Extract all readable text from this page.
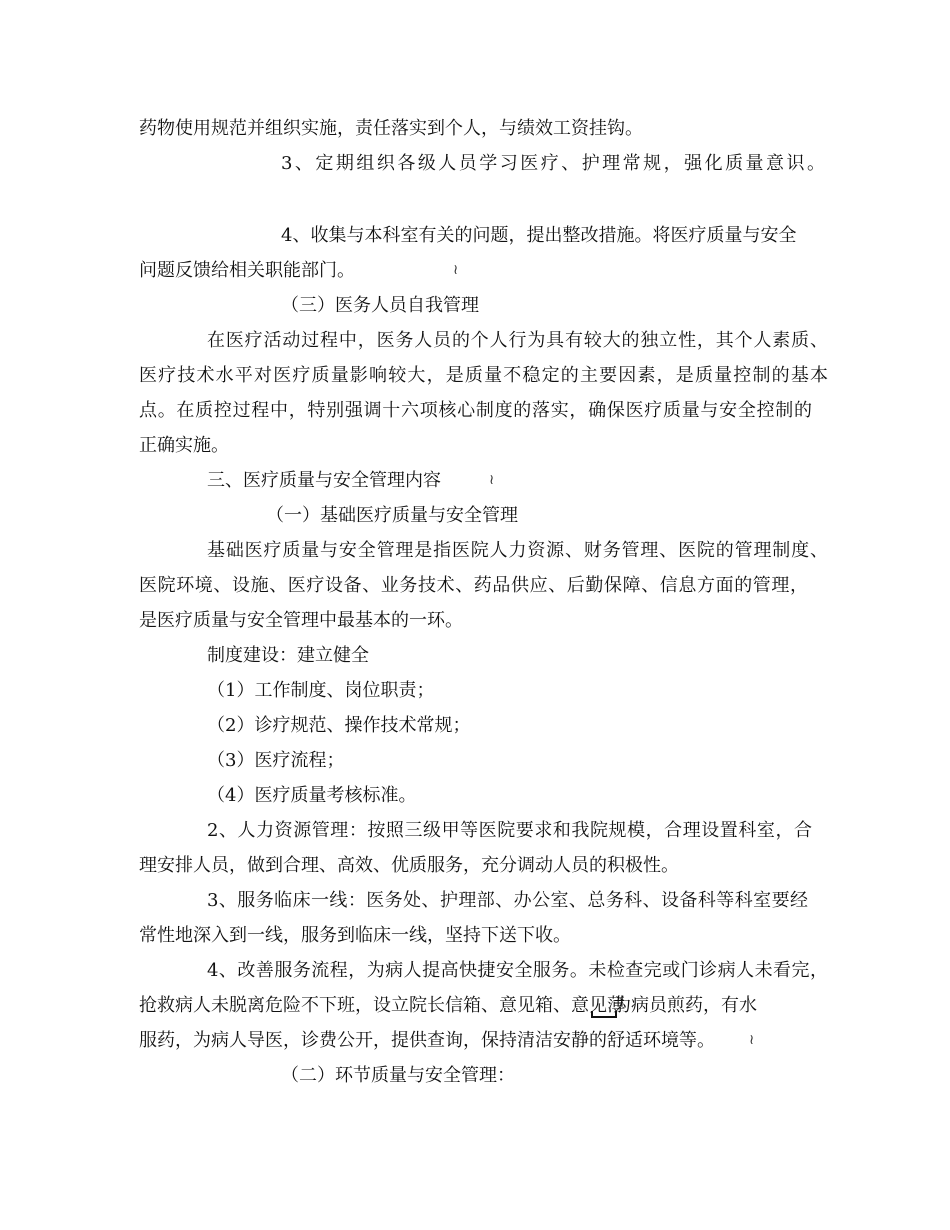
药物使用规范并组织实施，责任落实到个人，与绩效工资挂钩。
3、定期组织各级人员学习医疗、护理常规，强化质量意识。
4、收集与本科室有关的问题，提出整改措施。将医疗质量与安全
问题反馈给相关职能部门。	≀
（三）医务人员自我管理
在医疗活动过程中，医务人员的个人行为具有较大的独立性，其个人素质、
医疗技术水平对医疗质量影响较大，是质量不稳定的主要因素，是质量控制的基本
点。在质控过程中，特别强调十六项核心制度的落实，确保医疗质量与安全控制的
正确实施。
三、医疗质量与安全管理内容	≀
（一）基础医疗质量与安全管理
基础医疗质量与安全管理是指医院人力资源、财务管理、医院的管理制度、
医院环境、设施、医疗设备、业务技术、药品供应、后勤保障、信息方面的管理，
是医疗质量与安全管理中最基本的一环。
制度建设：建立健全
（1）工作制度、岗位职责；
（2）诊疗规范、操作技术常规；
（3）医疗流程；
（4）医疗质量考核标准。
2、人力资源管理：按照三级甲等医院要求和我院规模，合理设置科室，合
理安排人员，做到合理、高效、优质服务，充分调动人员的积极性。
3、服务临床一线：医务处、护理部、办公室、总务科、设备科等科室要经
常性地深入到一线，服务到临床一线，坚持下送下收。
4、改善服务流程，为病人提高快捷安全服务。未检查完或门诊病人未看完，
抢救病人未脱离危险不下班，设立院长信箱、意见箱、意见薄
为病员煎药，有水
服药，为病人导医，诊费公开，提供查询，保持清洁安静的舒适环境等。 ≀
（二）环节质量与安全管理：
